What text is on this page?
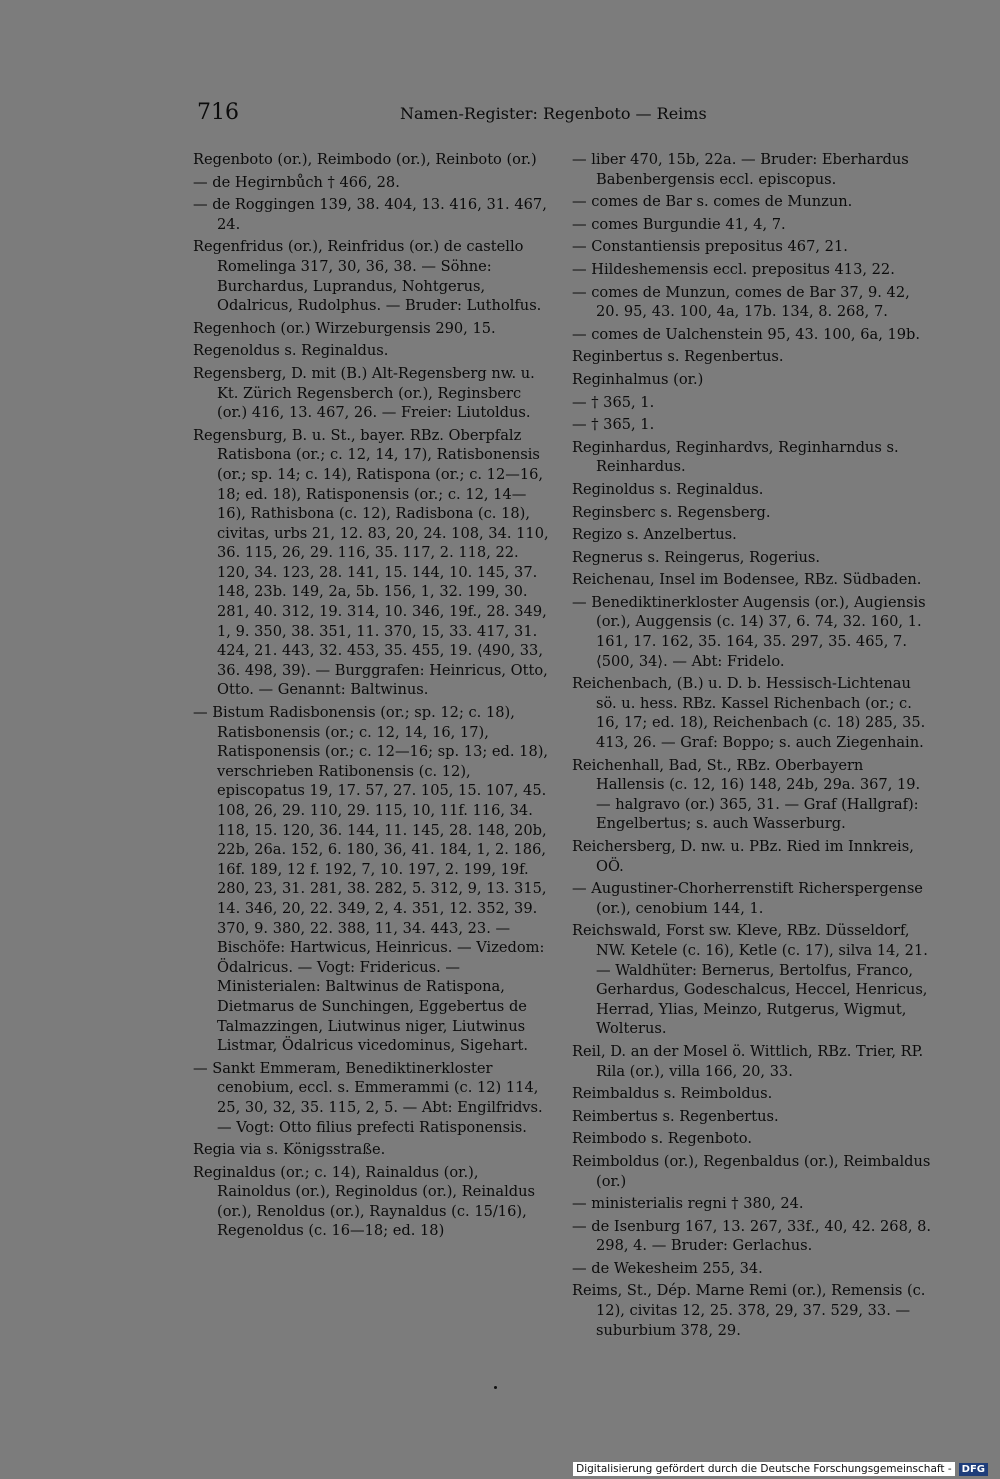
716	Namen-Register: Regenboto — Reims

Regenboto (or.), Reimbodo (or.), Reinboto (or.)

— de Hegirnbůch † 466, 28.

— de Roggingen 139, 38. 404, 13. 416, 31. 467, 24.

Regenfridus (or.), Reinfridus (or.) de castello Romelinga 317, 30, 36, 38. — Söhne: Burchardus, Luprandus, Nohtgerus, Odalricus, Rudolphus. — Bruder: Lutholfus.

Regenhoch (or.) Wirzeburgensis 290, 15.

Regenoldus s. Reginaldus.

Regensberg, D. mit (B.) Alt-Regensberg nw. u. Kt. Zürich Regensberch (or.), Reginsberc (or.) 416, 13. 467, 26. — Freier: Liutoldus.

Regensburg, B. u. St., bayer. RBz. Oberpfalz Ratisbona (or.; c. 12, 14, 17), Ratisbonensis (or.; sp. 14; c. 14), Ratispona (or.; c. 12—16, 18; ed. 18), Ratisponensis (or.; c. 12, 14—16), Rathisbona (c. 12), Radisbona (c. 18), civitas, urbs 21, 12. 83, 20, 24. 108, 34. 110, 36. 115, 26, 29. 116, 35. 117, 2. 118, 22. 120, 34. 123, 28. 141, 15. 144, 10. 145, 37. 148, 23b. 149, 2a, 5b. 156, 1, 32. 199, 30. 281, 40. 312, 19. 314, 10. 346, 19f., 28. 349, 1, 9. 350, 38. 351, 11. 370, 15, 33. 417, 31. 424, 21. 443, 32. 453, 35. 455, 19. ⟨490, 33, 36. 498, 39⟩. — Burggrafen: Heinricus, Otto, Otto. — Genannt: Baltwinus.

— Bistum Radisbonensis (or.; sp. 12; c. 18), Ratisbonensis (or.; c. 12, 14, 16, 17), Ratisponensis (or.; c. 12—16; sp. 13; ed. 18), verschrieben Ratibonensis (c. 12), episcopatus 19, 17. 57, 27. 105, 15. 107, 45. 108, 26, 29. 110, 29. 115, 10, 11f. 116, 34. 118, 15. 120, 36. 144, 11. 145, 28. 148, 20b, 22b, 26a. 152, 6. 180, 36, 41. 184, 1, 2. 186, 16f. 189, 12 f. 192, 7, 10. 197, 2. 199, 19f. 280, 23, 31. 281, 38. 282, 5. 312, 9, 13. 315, 14. 346, 20, 22. 349, 2, 4. 351, 12. 352, 39. 370, 9. 380, 22. 388, 11, 34. 443, 23. — Bischöfe: Hartwicus, Heinricus. — Vizedom: Ödalricus. — Vogt: Fridericus. — Ministerialen: Baltwinus de Ratispona, Dietmarus de Sunchingen, Eggebertus de Talmazzingen, Liutwinus niger, Liutwinus Listmar, Ödalricus vicedominus, Sigehart.

— Sankt Emmeram, Benediktinerkloster cenobium, eccl. s. Emmerammi (c. 12) 114, 25, 30, 32, 35. 115, 2, 5. — Abt: Engilfridvs. — Vogt: Otto filius prefecti Ratisponensis.

Regia via s. Königsstraße.

Reginaldus (or.; c. 14), Rainaldus (or.), Rainoldus (or.), Reginoldus (or.), Reinaldus (or.), Renoldus (or.), Raynaldus (c. 15/16), Regenoldus (c. 16—18; ed. 18)

— liber 470, 15b, 22a. — Bruder: Eberhardus Babenbergensis eccl. episcopus.

— comes de Bar s. comes de Munzun.

— comes Burgundie 41, 4, 7.

— Constantiensis prepositus 467, 21.

— Hildeshemensis eccl. prepositus 413, 22.

— comes de Munzun, comes de Bar 37, 9. 42, 20. 95, 43. 100, 4a, 17b. 134, 8. 268, 7.

— comes de Ualchenstein 95, 43. 100, 6a, 19b.

Reginbertus s. Regenbertus.

Reginhalmus (or.)

— † 365, 1.

— † 365, 1.

Reginhardus, Reginhardvs, Reginharndus s. Reinhardus.

Reginoldus s. Reginaldus.

Reginsberc s. Regensberg.

Regizo s. Anzelbertus.

Regnerus s. Reingerus, Rogerius.

Reichenau, Insel im Bodensee, RBz. Südbaden.

— Benediktinerkloster Augensis (or.), Augiensis (or.), Auggensis (c. 14) 37, 6. 74, 32. 160, 1. 161, 17. 162, 35. 164, 35. 297, 35. 465, 7. ⟨500, 34⟩. — Abt: Fridelo.

Reichenbach, (B.) u. D. b. Hessisch-Lichtenau sö. u. hess. RBz. Kassel Richenbach (or.; c. 16, 17; ed. 18), Reichenbach (c. 18) 285, 35. 413, 26. — Graf: Boppo; s. auch Ziegenhain.

Reichenhall, Bad, St., RBz. Oberbayern Hallensis (c. 12, 16) 148, 24b, 29a. 367, 19. — halgravo (or.) 365, 31. — Graf (Hallgraf): Engelbertus; s. auch Wasserburg.

Reichersberg, D. nw. u. PBz. Ried im Innkreis, OÖ.

— Augustiner-Chorherrenstift Richerspergense (or.), cenobium 144, 1.

Reichswald, Forst sw. Kleve, RBz. Düsseldorf, NW. Ketele (c. 16), Ketle (c. 17), silva 14, 21. — Waldhüter: Bernerus, Bertolfus, Franco, Gerhardus, Godeschalcus, Heccel, Henricus, Herrad, Ylias, Meinzo, Rutgerus, Wigmut, Wolterus.

Reil, D. an der Mosel ö. Wittlich, RBz. Trier, RP. Rila (or.), villa 166, 20, 33.

Reimbaldus s. Reimboldus.

Reimbertus s. Regenbertus.

Reimbodo s. Regenboto.

Reimboldus (or.), Regenbaldus (or.), Reimbaldus (or.)

— ministerialis regni † 380, 24.

— de Isenburg 167, 13. 267, 33f., 40, 42. 268, 8. 298, 4. — Bruder: Gerlachus.

— de Wekesheim 255, 34.

Reims, St., Dép. Marne Remi (or.), Remensis (c. 12), civitas 12, 25. 378, 29, 37. 529, 33. — suburbium 378, 29.

Digitalisierung gefördert durch die Deutsche Forschungsgemeinschaft -	DFG
